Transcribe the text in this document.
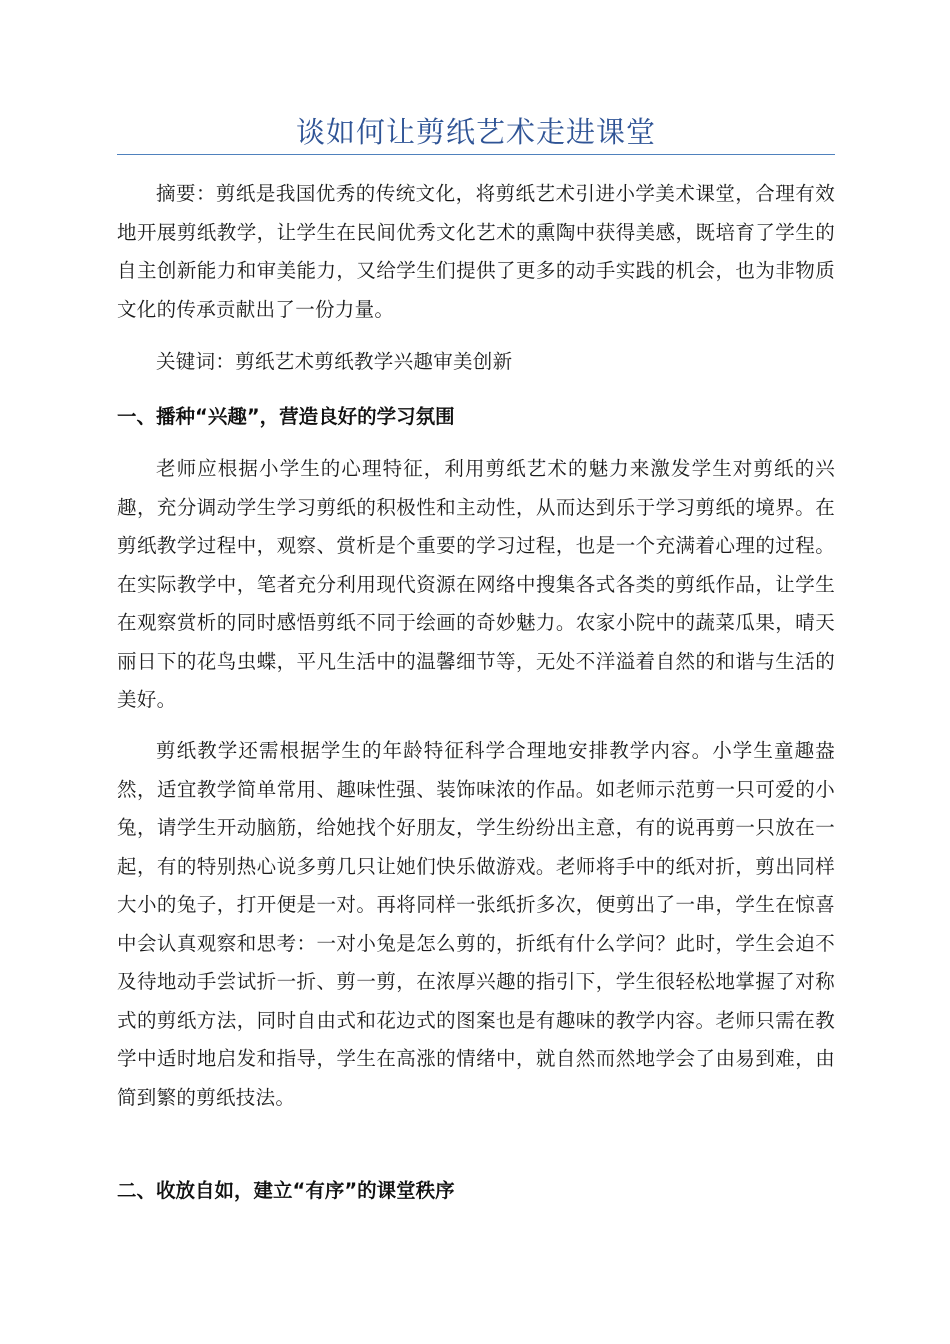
谈如何让剪纸艺术走进课堂

摘要：剪纸是我国优秀的传统文化，将剪纸艺术引进小学美术课堂，合理有效地开展剪纸教学，让学生在民间优秀文化艺术的熏陶中获得美感，既培育了学生的自主创新能力和审美能力，又给学生们提供了更多的动手实践的机会，也为非物质文化的传承贡献出了一份力量。

关键词：剪纸艺术剪纸教学兴趣审美创新

一、播种“兴趣”，营造良好的学习氛围

老师应根据小学生的心理特征，利用剪纸艺术的魅力来激发学生对剪纸的兴趣，充分调动学生学习剪纸的积极性和主动性，从而达到乐于学习剪纸的境界。在剪纸教学过程中，观察、赏析是个重要的学习过程，也是一个充满着心理的过程。在实际教学中，笔者充分利用现代资源在网络中搜集各式各类的剪纸作品，让学生在观察赏析的同时感悟剪纸不同于绘画的奇妙魅力。农家小院中的蔬菜瓜果，晴天丽日下的花鸟虫蝶，平凡生活中的温馨细节等，无处不洋溢着自然的和谐与生活的美好。

剪纸教学还需根据学生的年龄特征科学合理地安排教学内容。小学生童趣盎然，适宜教学简单常用、趣味性强、装饰味浓的作品。如老师示范剪一只可爱的小兔，请学生开动脑筋，给她找个好朋友，学生纷纷出主意，有的说再剪一只放在一起，有的特别热心说多剪几只让她们快乐做游戏。老师将手中的纸对折，剪出同样大小的兔子，打开便是一对。再将同样一张纸折多次，便剪出了一串，学生在惊喜中会认真观察和思考：一对小兔是怎么剪的，折纸有什么学问？此时，学生会迫不及待地动手尝试折一折、剪一剪，在浓厚兴趣的指引下，学生很轻松地掌握了对称式的剪纸方法，同时自由式和花边式的图案也是有趣味的教学内容。老师只需在教学中适时地启发和指导，学生在高涨的情绪中，就自然而然地学会了由易到难，由简到繁的剪纸技法。

二、收放自如，建立“有序”的课堂秩序
